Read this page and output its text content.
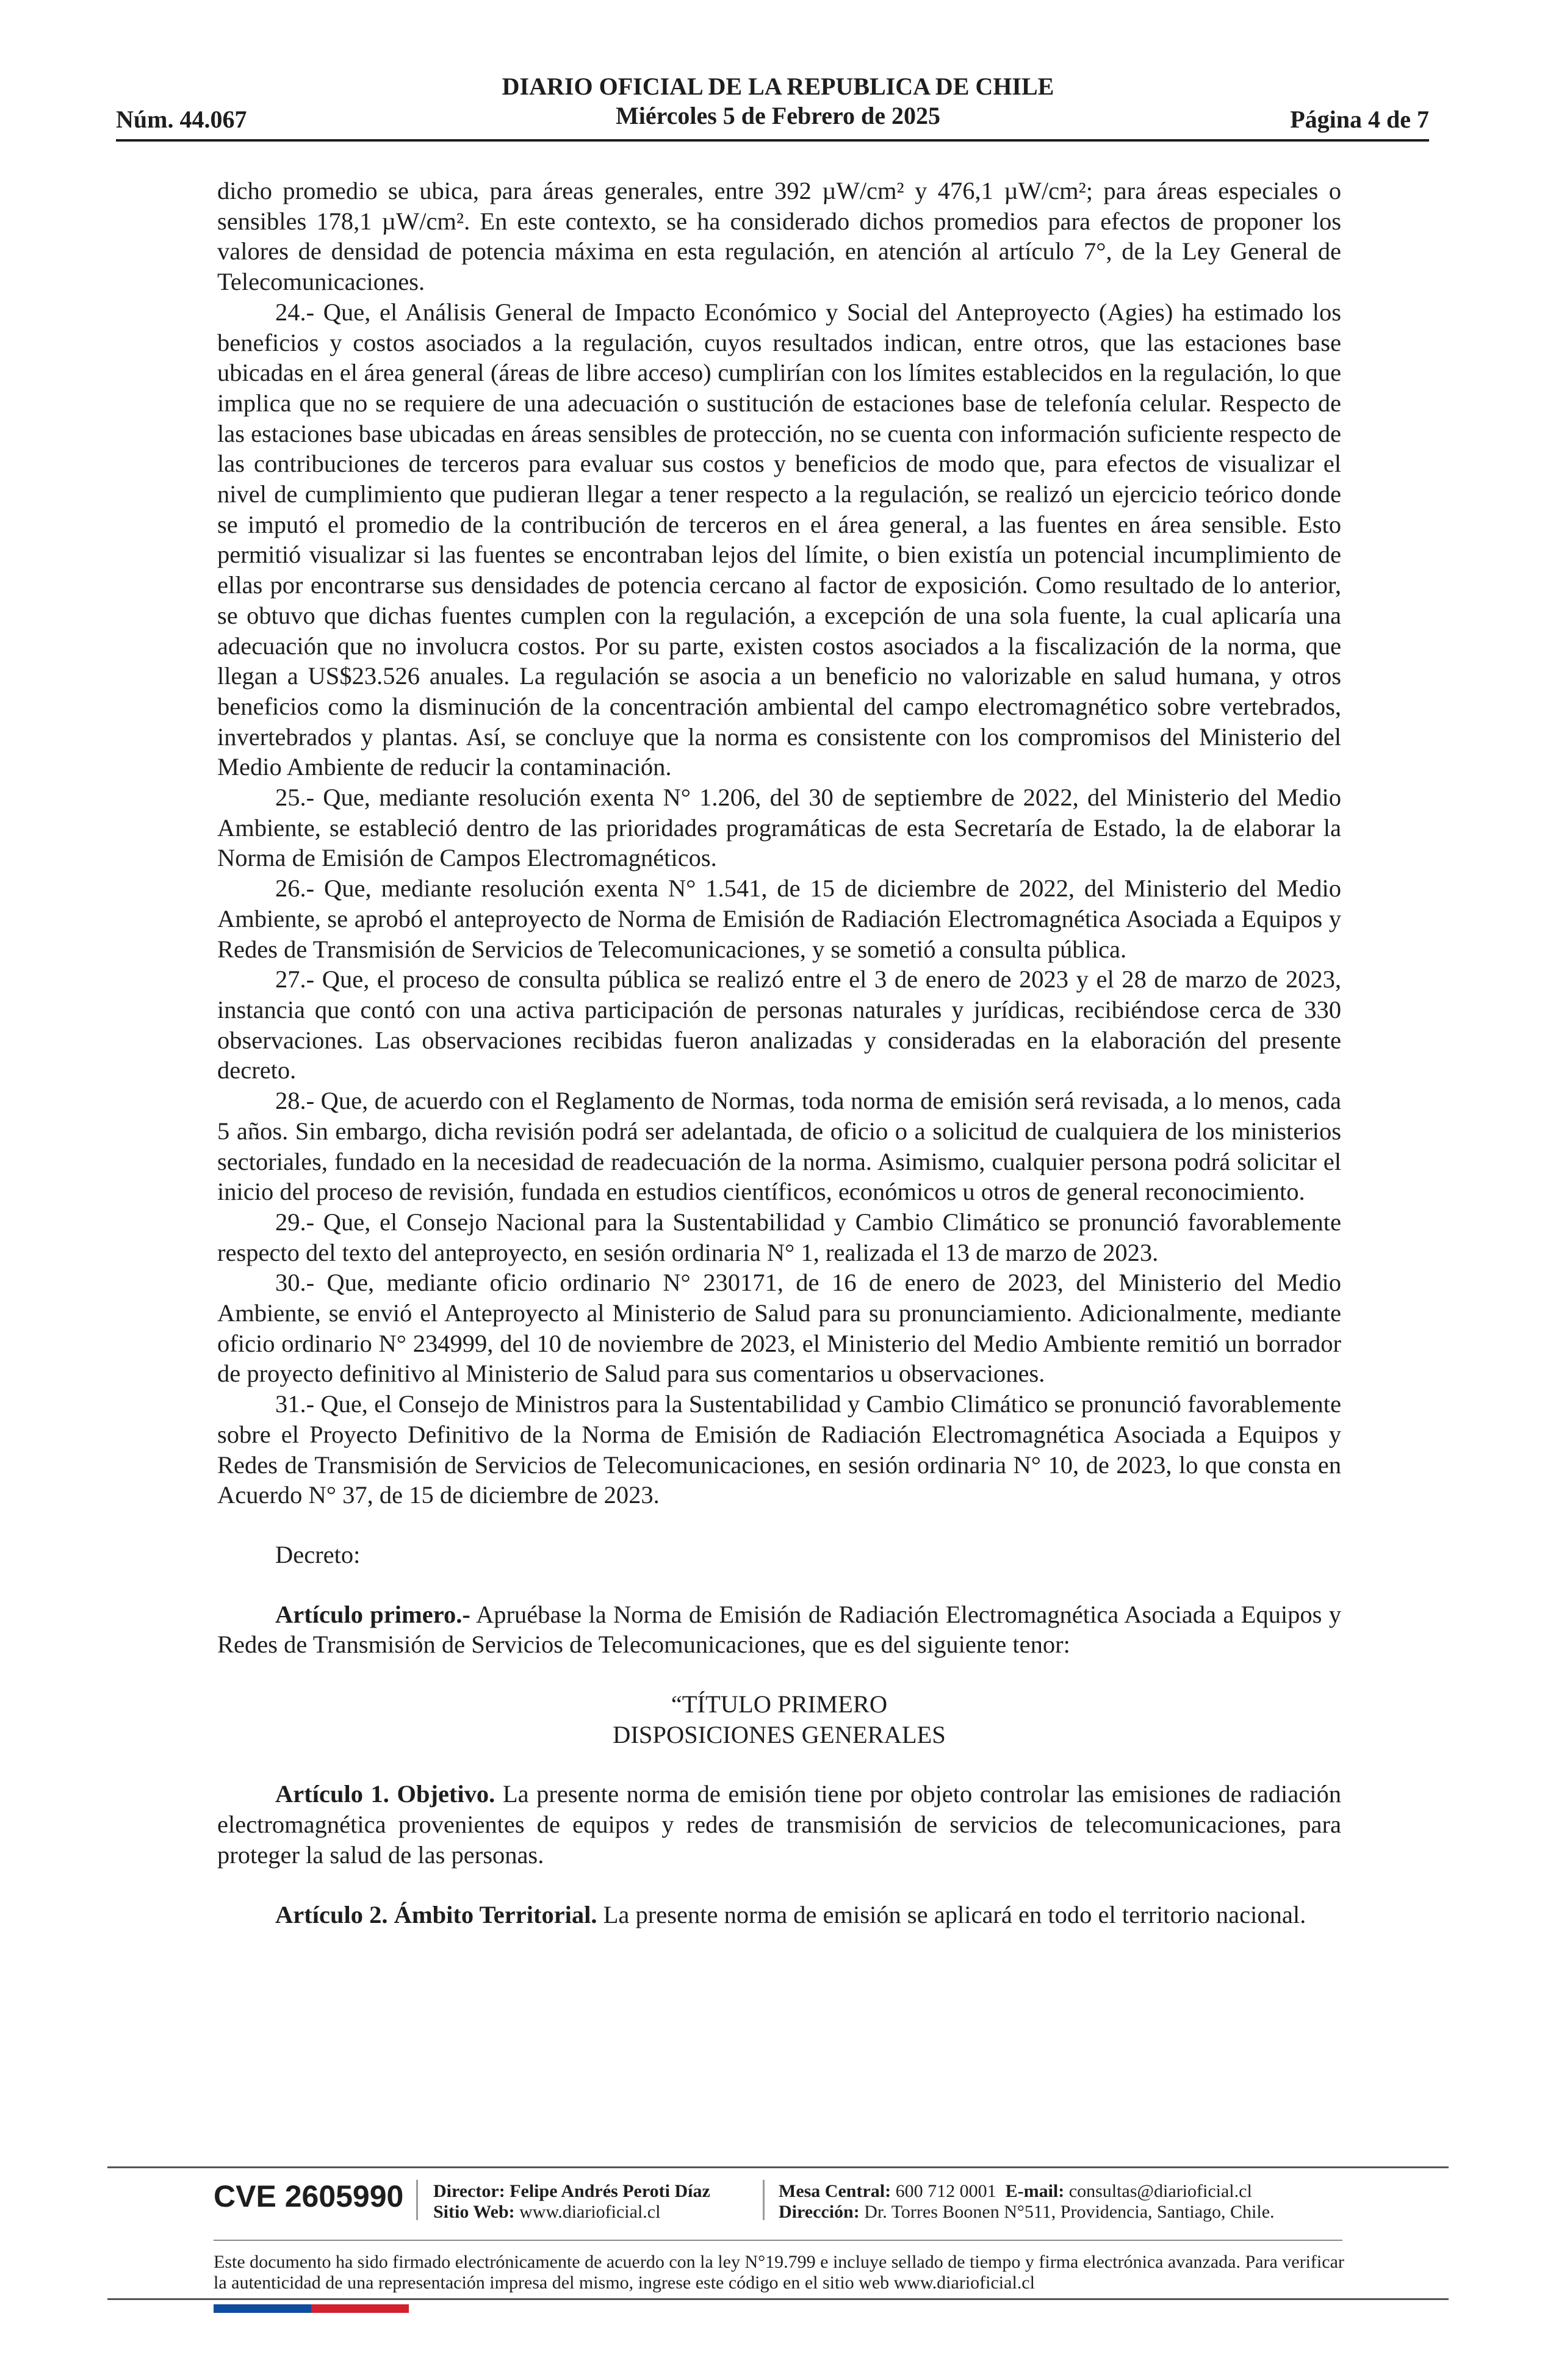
DIARIO OFICIAL DE LA REPUBLICA DE CHILE
Miércoles 5 de Febrero de 2025
Núm. 44.067	Página 4 de 7

dicho promedio se ubica, para áreas generales, entre 392 µW/cm² y 476,1 µW/cm²; para áreas especiales o sensibles 178,1 µW/cm². En este contexto, se ha considerado dichos promedios para efectos de proponer los valores de densidad de potencia máxima en esta regulación, en atención al artículo 7°, de la Ley General de Telecomunicaciones.

24.- Que, el Análisis General de Impacto Económico y Social del Anteproyecto (Agies) ha estimado los beneficios y costos asociados a la regulación, cuyos resultados indican, entre otros, que las estaciones base ubicadas en el área general (áreas de libre acceso) cumplirían con los límites establecidos en la regulación, lo que implica que no se requiere de una adecuación o sustitución de estaciones base de telefonía celular. Respecto de las estaciones base ubicadas en áreas sensibles de protección, no se cuenta con información suficiente respecto de las contribuciones de terceros para evaluar sus costos y beneficios de modo que, para efectos de visualizar el nivel de cumplimiento que pudieran llegar a tener respecto a la regulación, se realizó un ejercicio teórico donde se imputó el promedio de la contribución de terceros en el área general, a las fuentes en área sensible. Esto permitió visualizar si las fuentes se encontraban lejos del límite, o bien existía un potencial incumplimiento de ellas por encontrarse sus densidades de potencia cercano al factor de exposición. Como resultado de lo anterior, se obtuvo que dichas fuentes cumplen con la regulación, a excepción de una sola fuente, la cual aplicaría una adecuación que no involucra costos. Por su parte, existen costos asociados a la fiscalización de la norma, que llegan a US$23.526 anuales. La regulación se asocia a un beneficio no valorizable en salud humana, y otros beneficios como la disminución de la concentración ambiental del campo electromagnético sobre vertebrados, invertebrados y plantas. Así, se concluye que la norma es consistente con los compromisos del Ministerio del Medio Ambiente de reducir la contaminación.

25.- Que, mediante resolución exenta N° 1.206, del 30 de septiembre de 2022, del Ministerio del Medio Ambiente, se estableció dentro de las prioridades programáticas de esta Secretaría de Estado, la de elaborar la Norma de Emisión de Campos Electromagnéticos.

26.- Que, mediante resolución exenta N° 1.541, de 15 de diciembre de 2022, del Ministerio del Medio Ambiente, se aprobó el anteproyecto de Norma de Emisión de Radiación Electromagnética Asociada a Equipos y Redes de Transmisión de Servicios de Telecomunicaciones, y se sometió a consulta pública.

27.- Que, el proceso de consulta pública se realizó entre el 3 de enero de 2023 y el 28 de marzo de 2023, instancia que contó con una activa participación de personas naturales y jurídicas, recibiéndose cerca de 330 observaciones. Las observaciones recibidas fueron analizadas y consideradas en la elaboración del presente decreto.

28.- Que, de acuerdo con el Reglamento de Normas, toda norma de emisión será revisada, a lo menos, cada 5 años. Sin embargo, dicha revisión podrá ser adelantada, de oficio o a solicitud de cualquiera de los ministerios sectoriales, fundado en la necesidad de readecuación de la norma. Asimismo, cualquier persona podrá solicitar el inicio del proceso de revisión, fundada en estudios científicos, económicos u otros de general reconocimiento.

29.- Que, el Consejo Nacional para la Sustentabilidad y Cambio Climático se pronunció favorablemente respecto del texto del anteproyecto, en sesión ordinaria N° 1, realizada el 13 de marzo de 2023.

30.- Que, mediante oficio ordinario N° 230171, de 16 de enero de 2023, del Ministerio del Medio Ambiente, se envió el Anteproyecto al Ministerio de Salud para su pronunciamiento. Adicionalmente, mediante oficio ordinario N° 234999, del 10 de noviembre de 2023, el Ministerio del Medio Ambiente remitió un borrador de proyecto definitivo al Ministerio de Salud para sus comentarios u observaciones.

31.- Que, el Consejo de Ministros para la Sustentabilidad y Cambio Climático se pronunció favorablemente sobre el Proyecto Definitivo de la Norma de Emisión de Radiación Electromagnética Asociada a Equipos y Redes de Transmisión de Servicios de Telecomunicaciones, en sesión ordinaria N° 10, de 2023, lo que consta en Acuerdo N° 37, de 15 de diciembre de 2023.

Decreto:

Artículo primero.- Apruébase la Norma de Emisión de Radiación Electromagnética Asociada a Equipos y Redes de Transmisión de Servicios de Telecomunicaciones, que es del siguiente tenor:

“TÍTULO PRIMERO
DISPOSICIONES GENERALES

Artículo 1. Objetivo. La presente norma de emisión tiene por objeto controlar las emisiones de radiación electromagnética provenientes de equipos y redes de transmisión de servicios de telecomunicaciones, para proteger la salud de las personas.

Artículo 2. Ámbito Territorial. La presente norma de emisión se aplicará en todo el territorio nacional.

CVE 2605990 Director: Felipe Andrés Peroti Díaz
Sitio Web: www.diarioficial.cl
Mesa Central: 600 712 0001 E-mail: consultas@diarioficial.cl
Dirección: Dr. Torres Boonen N°511, Providencia, Santiago, Chile.
Este documento ha sido firmado electrónicamente de acuerdo con la ley N°19.799 e incluye sellado de tiempo y firma electrónica avanzada. Para verificar la autenticidad de una representación impresa del mismo, ingrese este código en el sitio web www.diarioficial.cl
